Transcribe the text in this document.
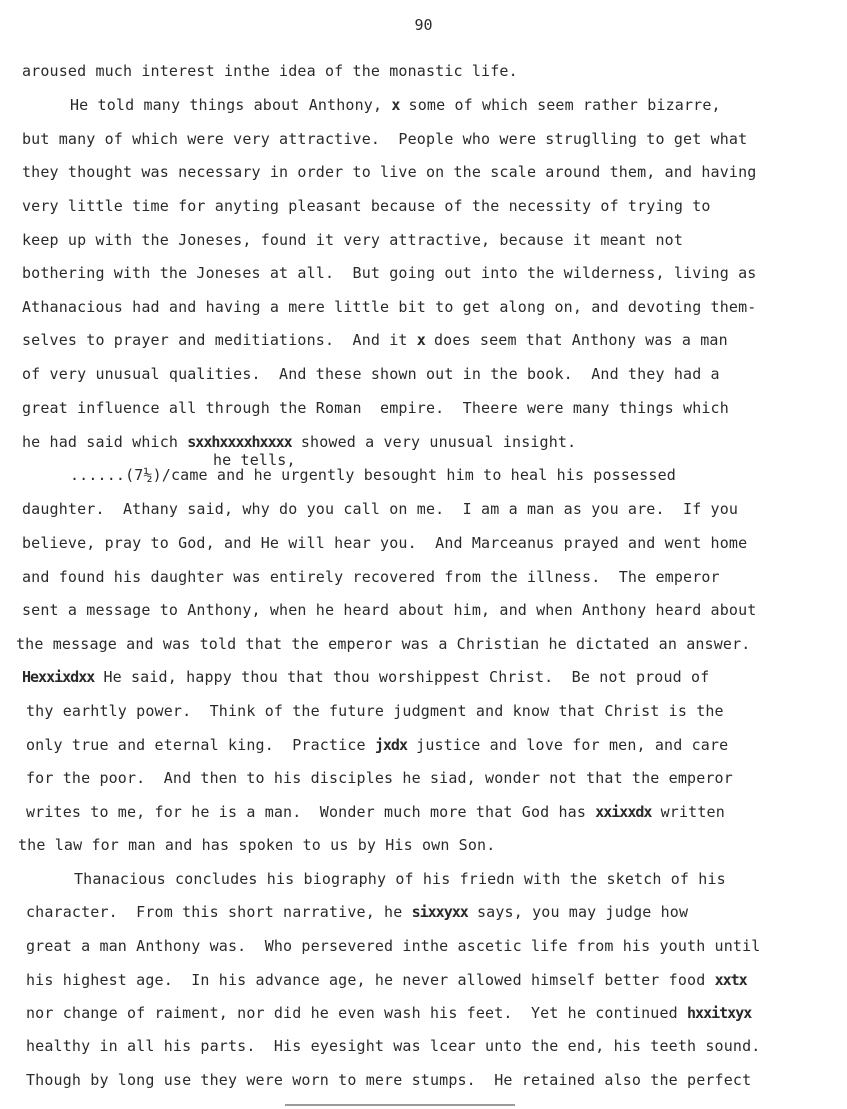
90
aroused much interest inthe idea of the monastic life.
He told many things about Anthony, x some of which seem rather bizarre,
but many of which were very attractive.  People who were struglling to get what
they thought was necessary in order to live on the scale around them, and having
very little time for anyting pleasant because of the necessity of trying to
keep up with the Joneses, found it very attractive, because it meant not
bothering with the Joneses at all.  But going out into the wilderness, living as
Athanacious had and having a mere little bit to get along on, and devoting them-
selves to prayer and meditiations.  And it x does seem that Anthony was a man
of very unusual qualities.  And these shown out in the book.  And they had a
great influence all through the Roman  empire.  Theere were many things which
he had said which sxxhxxxxhxxxx showed a very unusual insight.
he tells,
......(7½)/came and he urgently besought him to heal his possessed
daughter.  Athany said, why do you call on me.  I am a man as you are.  If you
believe, pray to God, and He will hear you.  And Marceanus prayed and went home
and found his daughter was entirely recovered from the illness.  The emperor
sent a message to Anthony, when he heard about him, and when Anthony heard about
the message and was told that the emperor was a Christian he dictated an answer.
Hexxixdxx He said, happy thou that thou worshippest Christ.  Be not proud of
thy earhtly power.  Think of the future judgment and know that Christ is the
only true and eternal king.  Practice jxdx justice and love for men, and care
for the poor.  And then to his disciples he siad, wonder not that the emperor
writes to me, for he is a man.  Wonder much more that God has xxixxdx written
the law for man and has spoken to us by His own Son.
Thanacious concludes his biography of his friedn with the sketch of his
character.  From this short narrative, he sixxyxx says, you may judge how
great a man Anthony was.  Who persevered inthe ascetic life from his youth until
his highest age.  In his advance age, he never allowed himself better food xxtx
nor change of raiment, nor did he even wash his feet.  Yet he continued hxxitxyx
healthy in all his parts.  His eyesight was lcear unto the end, his teeth sound.
Though by long use they were worn to mere stumps.  He retained also the perfect
